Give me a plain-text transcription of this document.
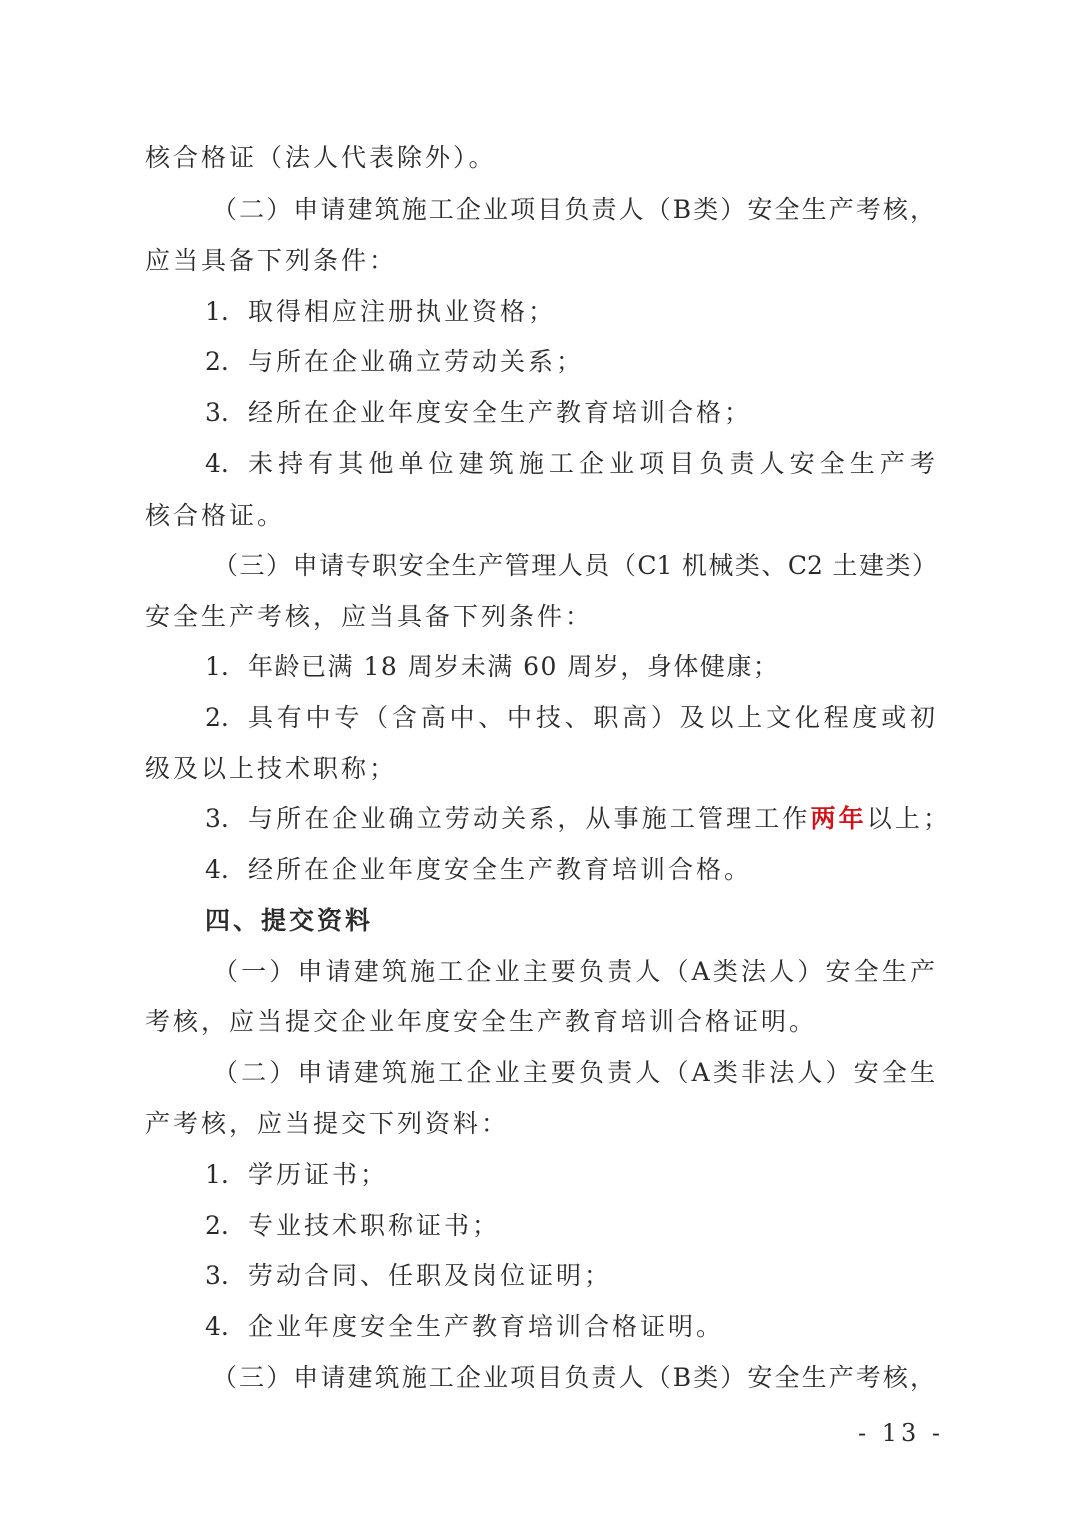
核合格证（法人代表除外）。
（二）申请建筑施工企业项目负责人（B类）安全生产考核，
应当具备下列条件：
1. 取得相应注册执业资格；
2. 与所在企业确立劳动关系；
3. 经所在企业年度安全生产教育培训合格；
4. 未持有其他单位建筑施工企业项目负责人安全生产考
核合格证。
（三）申请专职安全生产管理人员（C1 机械类、C2 土建类）
安全生产考核，应当具备下列条件：
1. 年龄已满 18 周岁未满 60 周岁，身体健康；
2. 具有中专（含高中、中技、职高）及以上文化程度或初
级及以上技术职称；
3. 与所在企业确立劳动关系，从事施工管理工作两年以上；
4. 经所在企业年度安全生产教育培训合格。
四、提交资料
（一）申请建筑施工企业主要负责人（A类法人）安全生产
考核，应当提交企业年度安全生产教育培训合格证明。
（二）申请建筑施工企业主要负责人（A类非法人）安全生
产考核，应当提交下列资料：
1. 学历证书；
2. 专业技术职称证书；
3. 劳动合同、任职及岗位证明；
4. 企业年度安全生产教育培训合格证明。
（三）申请建筑施工企业项目负责人（B类）安全生产考核，
- 13 -
